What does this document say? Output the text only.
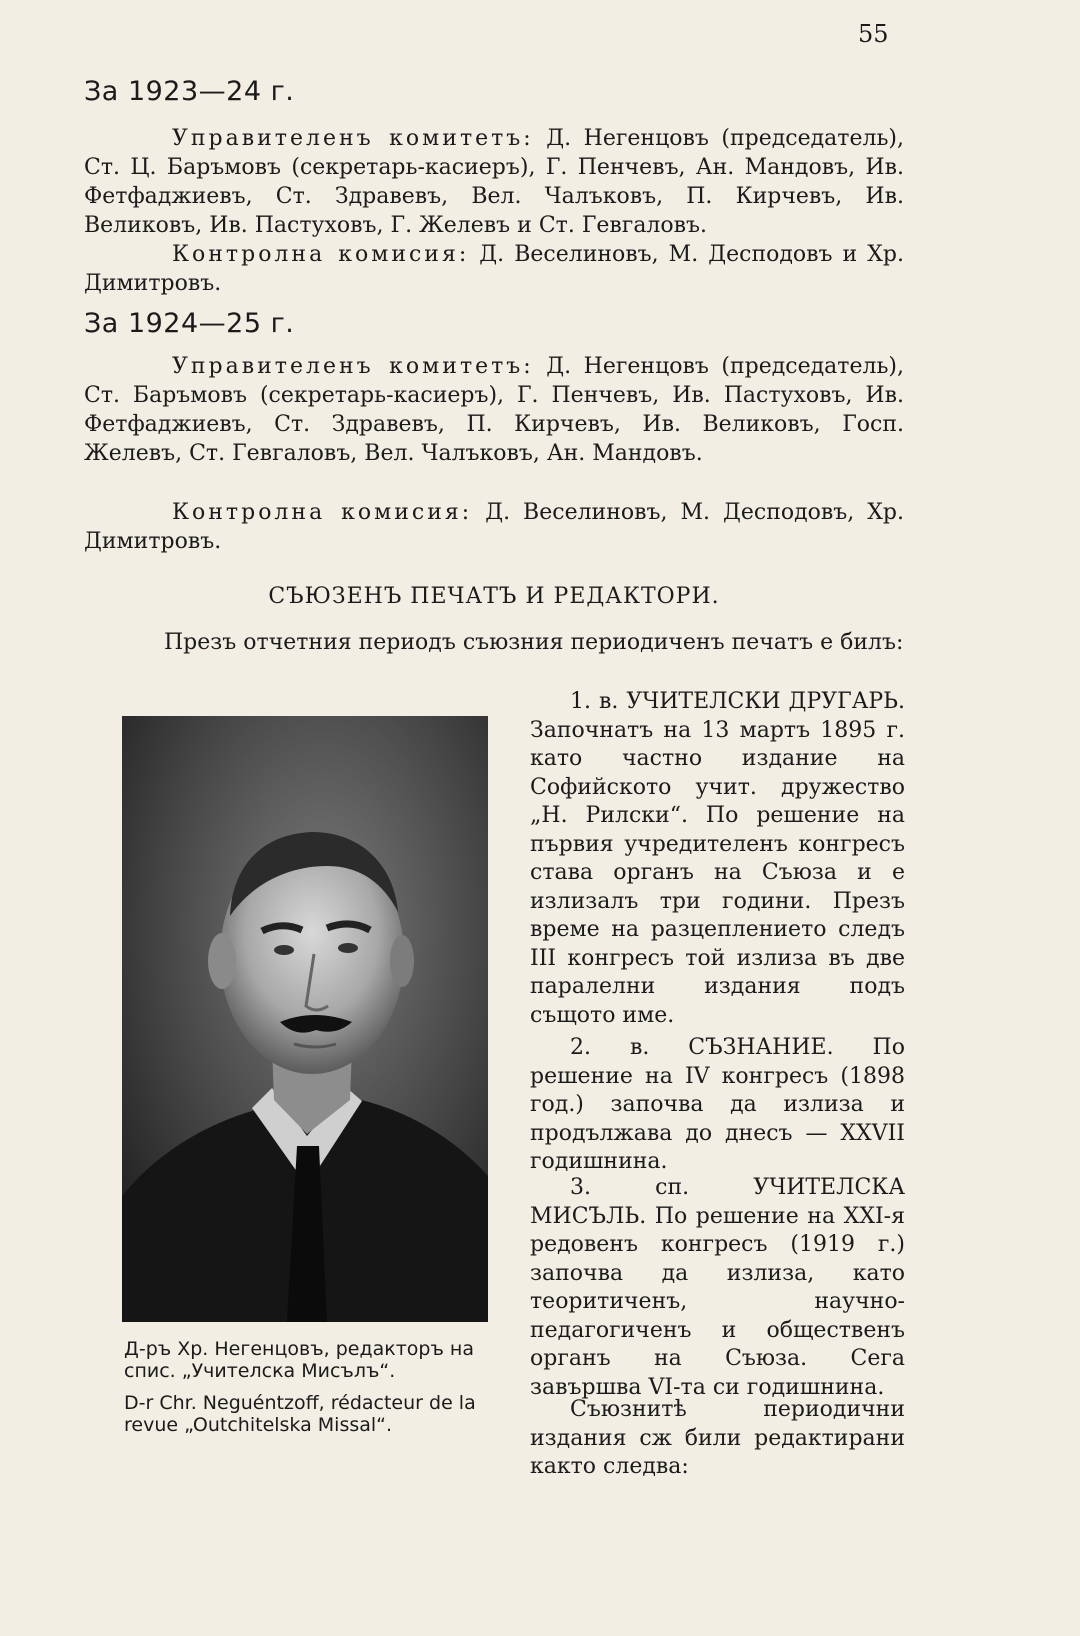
55
За 1923—24 г.
Управителенъ комитетъ: Д. Негенцовъ (председатель), Ст. Ц. Баръмовъ (секретарь-касиеръ), Г. Пенчевъ, Ан. Мандовъ, Ив. Фетфаджиевъ, Ст. Здравевъ, Вел. Чалъковъ, П. Кирчевъ, Ив. Великовъ, Ив. Пастуховъ, Г. Желевъ и Ст. Гевгаловъ.
Контролна комисия: Д. Веселиновъ, М. Десподовъ и Хр. Димитровъ.
За 1924—25 г.
Управителенъ комитетъ: Д. Негенцовъ (председатель), Ст. Баръмовъ (секретарь-касиеръ), Г. Пенчевъ, Ив. Пастуховъ, Ив. Фетфаджиевъ, Ст. Здравевъ, П. Кирчевъ, Ив. Великовъ, Госп. Желевъ, Ст. Гевгаловъ, Вел. Чалъковъ, Ан. Мандовъ.
Контролна комисия: Д. Веселиновъ, М. Десподовъ, Хр. Димитровъ.
СЪЮЗЕНЪ ПЕЧАТЪ И РЕДАКТОРИ.
Презъ отчетния периодъ съюзния периодиченъ печатъ е билъ:
Д-ръ Хр. Негенцовъ, редакторъ на спис. „Учителска Мисълъ“.
D-r Chr. Neguéntzoff, rédacteur de la revue „Outchitelska Missal“.
1. в. УЧИТЕЛСКИ ДРУГАРЬ. Започнатъ на 13 мартъ 1895 г. като частно издание на Софийското учит. дружество „Н. Рилски“. По решение на първия учредителенъ конгресъ става органъ на Съюза и е излизалъ три години. Презъ време на разцеплението следъ III конгресъ той излиза въ две паралелни издания подъ същото име.
2. в. СЪЗНАНИЕ. По решение на IV конгресъ (1898 год.) започва да излиза и продължава до днесъ — XXVII годишнина.
3. сп. УЧИТЕЛСКА МИСЪЛЬ. По решение на XXI-я редовенъ конгресъ (1919 г.) започва да излиза, като теоритиченъ, научно-педагогиченъ и общественъ органъ на Съюза. Сега завършва VI-та си годишнина.
Съюзнитѣ периодични издания сж били редактирани както следва:
